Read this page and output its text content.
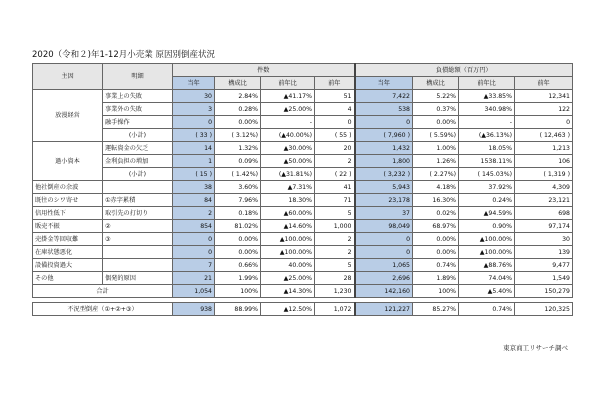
2020（令和２)年1-12月小売業 原因別倒産状況
主因	明細	件数				負債総額（百万円）			
		当年	構成比	前年比	前年	当年	構成比	前年比	前年
放漫経営	事業上の失敗	30	2.84%	▲41.17%	51	7,422	5.22%	▲33.85%	12,341
	事業外の失敗	3	0.28%	▲25.00%	4	538	0.37%	340.98%	122
	融手操作	0	0.00%	-	0	0	0.00%	-	0
	(小計)	( 33 )	( 3.12%)	(▲40.00%)	( 55 )	( 7,960 )	( 5.59%)	(▲36.13%)	( 12,463 )
過小資本	運転資金の欠乏	14	1.32%	▲30.00%	20	1,432	1.00%	18.05%	1,213
	金利負担の増加	1	0.09%	▲50.00%	2	1,800	1.26%	1538.11%	106
	(小計)	( 15 )	( 1.42%)	(▲31.81%)	( 22 )	( 3,232 )	( 2.27%)	( 145.03%)	( 1,319 )
他社倒産の余波		38	3.60%	▲7.31%	41	5,943	4.18%	37.92%	4,309
既往のシワ寄せ	①赤字累積	84	7.96%	18.30%	71	23,178	16.30%	0.24%	23,121
信用性低下	取引先の打切り	2	0.18%	▲60.00%	5	37	0.02%	▲94.59%	698
販売不振	②	854	81.02%	▲14.60%	1,000	98,049	68.97%	0.90%	97,174
売掛金等回収難	③	0	0.00%	▲100.00%	2	0	0.00%	▲100.00%	30
在庫状態悪化		0	0.00%	▲100.00%	2	0	0.00%	▲100.00%	139
設備投資過大		7	0.66%	40.00%	5	1,065	0.74%	▲88.76%	9,477
その他	偶発的原因	21	1.99%	▲25.00%	28	2,696	1.89%	74.04%	1,549
合計		1,054	100%	▲14.30%	1,230	142,160	100%	▲5.40%	150,279

不況型倒産（①+②+③）		938	88.99%	▲12.50%	1,072	121,227	85.27%	0.74%	120,325
東京商工リサーチ調べ
